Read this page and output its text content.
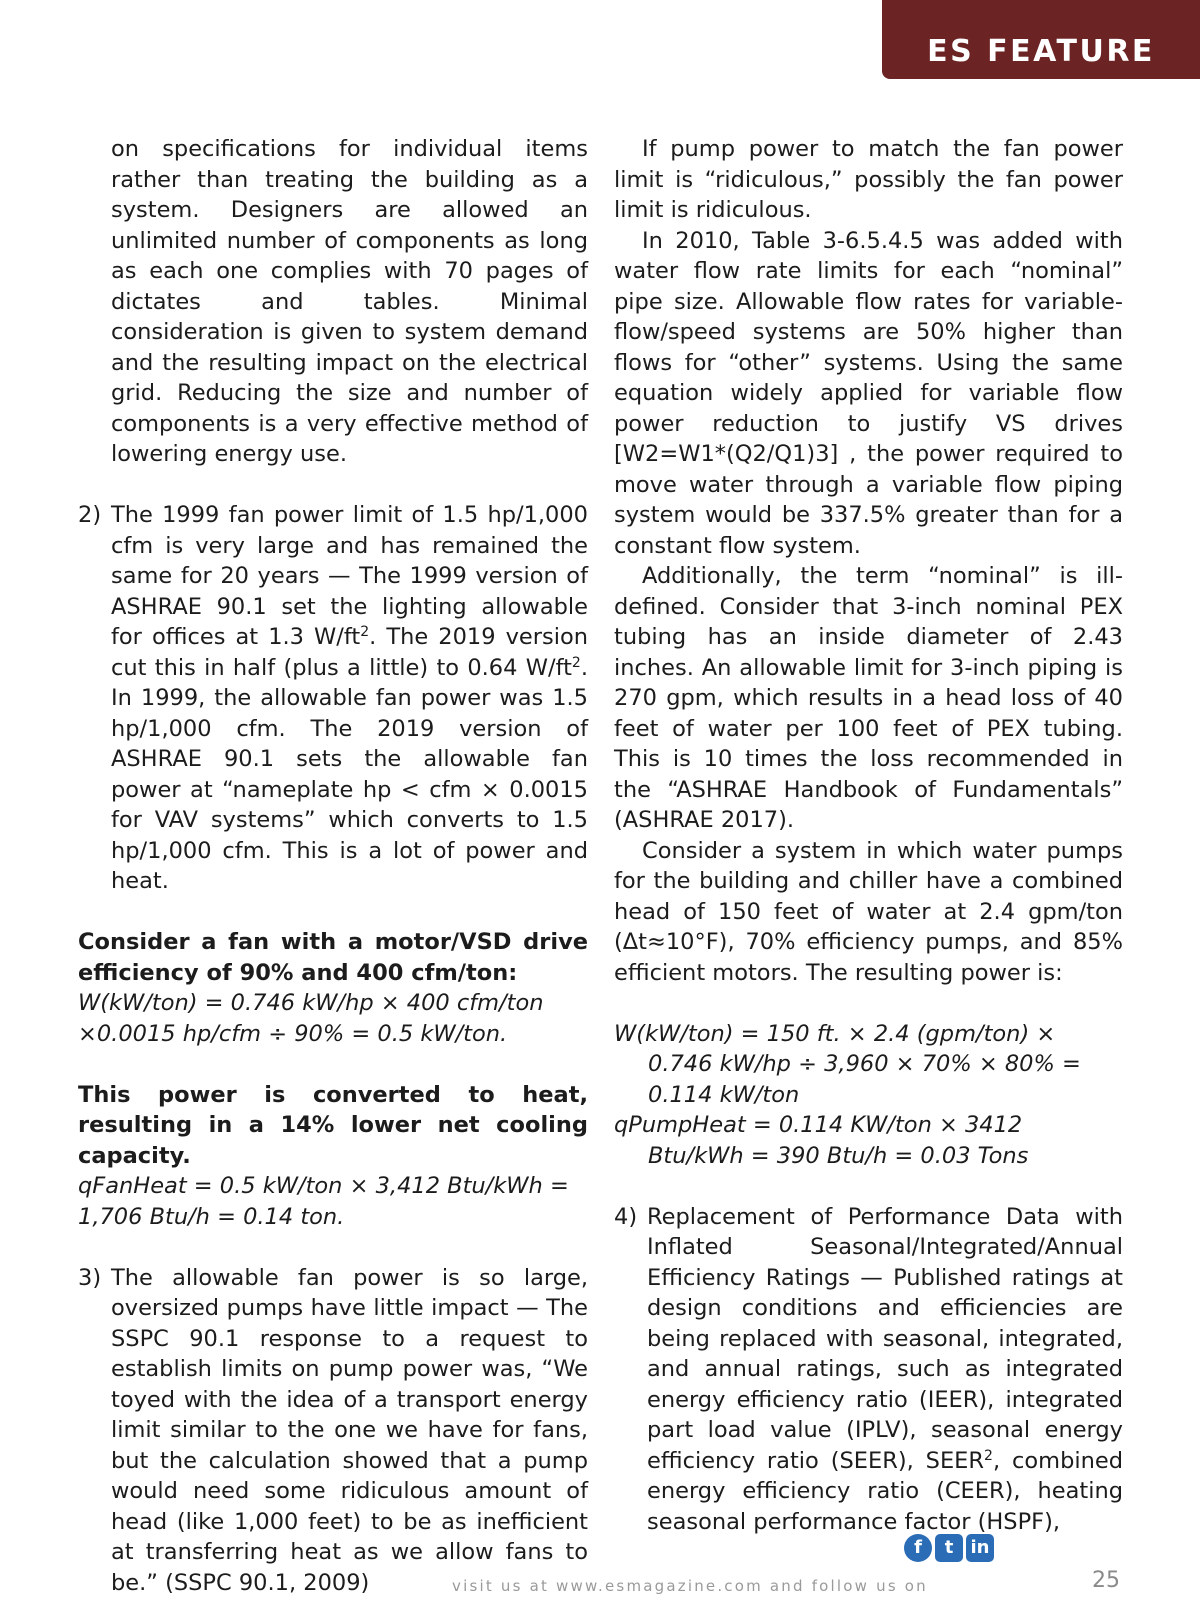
ES FEATURE

on specifications for individual items rather than treating the building as a system. Designers are allowed an unlimited number of components as long as each one complies with 70 pages of dictates and tables. Minimal consideration is given to system demand and the resulting impact on the electrical grid. Reducing the size and number of components is a very effective method of lowering energy use.

2) The 1999 fan power limit of 1.5 hp/1,000 cfm is very large and has remained the same for 20 years — The 1999 version of ASHRAE 90.1 set the lighting allowable for offices at 1.3 $W/ft^2$. The 2019 version cut this in half (plus a little) to 0.64 $W/ft^2$. In 1999, the allowable fan power was 1.5 hp/1,000 cfm. The 2019 version of ASHRAE 90.1 sets the allowable fan power at “nameplate hp < cfm × 0.0015 for VAV systems” which converts to 1.5 hp/1,000 cfm. This is a lot of power and heat.

Consider a fan with a motor/VSD drive efficiency of 90% and 400 cfm/ton:

W(kW/ton) = 0.746 kW/hp × 400 cfm/ton ×0.0015 hp/cfm ÷ 90% = 0.5 kW/ton.

This power is converted to heat, resulting in a 14% lower net cooling capacity.

qFanHeat = 0.5 kW/ton × 3,412 Btu/kWh = 1,706 Btu/h = 0.14 ton.

3) The allowable fan power is so large, oversized pumps have little impact — The SSPC 90.1 response to a request to establish limits on pump power was, “We toyed with the idea of a transport energy limit similar to the one we have for fans, but the calculation showed that a pump would need some ridiculous amount of head (like 1,000 feet) to be as inefficient at transferring heat as we allow fans to be.” (SSPC 90.1, 2009)

If pump power to match the fan power limit is “ridiculous,” possibly the fan power limit is ridiculous.

In 2010, Table 3-6.5.4.5 was added with water flow rate limits for each “nominal” pipe size. Allowable flow rates for variable-flow/speed systems are 50% higher than flows for “other” systems. Using the same equation widely applied for variable flow power reduction to justify VS drives [W2=W1*(Q2/Q1)3] , the power required to move water through a variable flow piping system would be 337.5% greater than for a constant flow system.

Additionally, the term “nominal” is ill-defined. Consider that 3-inch nominal PEX tubing has an inside diameter of 2.43 inches. An allowable limit for 3-inch piping is 270 gpm, which results in a head loss of 40 feet of water per 100 feet of PEX tubing. This is 10 times the loss recommended in the “ASHRAE Handbook of Fundamentals” (ASHRAE 2017).

Consider a system in which water pumps for the building and chiller have a combined head of 150 feet of water at 2.4 gpm/ton (Δt≈10°F), 70% efficiency pumps, and 85% efficient motors. The resulting power is:

W(kW/ton) = 150 ft. × 2.4 (gpm/ton) × 0.746 kW/hp ÷ 3,960 × 70% × 80% = 0.114 kW/ton

qPumpHeat = 0.114 KW/ton × 3412 Btu/kWh = 390 Btu/h = 0.03 Tons

4) Replacement of Performance Data with Inflated Seasonal/Integrated/Annual Efficiency Ratings — Published ratings at design conditions and efficiencies are being replaced with seasonal, integrated, and annual ratings, such as integrated energy efficiency ratio (IEER), integrated part load value (IPLV), seasonal energy efficiency ratio (SEER), SEER$^2$, combined energy efficiency ratio (CEER), heating seasonal performance factor (HSPF),

visit us at www.esmagazine.com and follow us on
f	t in
25
